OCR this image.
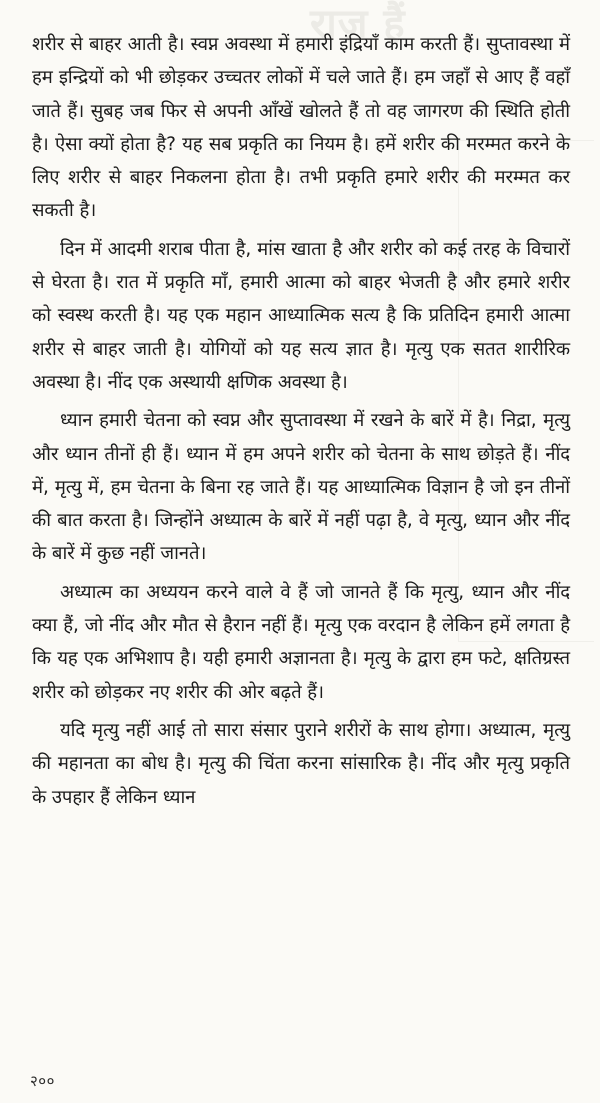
राज़ हैं

शरीर से बाहर आती है। स्वप्न अवस्था में हमारी इंद्रियाँ काम करती हैं। सुप्तावस्था में हम इन्द्रियों को भी छोड़कर उच्चतर लोकों में चले जाते हैं। हम जहाँ से आए हैं वहाँ जाते हैं। सुबह जब फिर से अपनी आँखें खोलते हैं तो वह जागरण की स्थिति होती है। ऐसा क्यों होता है? यह सब प्रकृति का नियम है। हमें शरीर की मरम्मत करने के लिए शरीर से बाहर निकलना होता है। तभी प्रकृति हमारे शरीर की मरम्मत कर सकती है।

दिन में आदमी शराब पीता है, मांस खाता है और शरीर को कई तरह के विचारों से घेरता है। रात में प्रकृति माँ, हमारी आत्मा को बाहर भेजती है और हमारे शरीर को स्वस्थ करती है। यह एक महान आध्यात्मिक सत्य है कि प्रतिदिन हमारी आत्मा शरीर से बाहर जाती है। योगियों को यह सत्य ज्ञात है। मृत्यु एक सतत शारीरिक अवस्था है। नींद एक अस्थायी क्षणिक अवस्था है।

ध्यान हमारी चेतना को स्वप्न और सुप्तावस्था में रखने के बारें में है। निद्रा, मृत्यु और ध्यान तीनों ही हैं। ध्यान में हम अपने शरीर को चेतना के साथ छोड़ते हैं। नींद में, मृत्यु में, हम चेतना के बिना रह जाते हैं। यह आध्यात्मिक विज्ञान है जो इन तीनों की बात करता है। जिन्होंने अध्यात्म के बारें में नहीं पढ़ा है, वे मृत्यु, ध्यान और नींद के बारें में कुछ नहीं जानते।

अध्यात्म का अध्ययन करने वाले वे हैं जो जानते हैं कि मृत्यु, ध्यान और नींद क्या हैं, जो नींद और मौत से हैरान नहीं हैं। मृत्यु एक वरदान है लेकिन हमें लगता है कि यह एक अभिशाप है। यही हमारी अज्ञानता है। मृत्यु के द्वारा हम फटे, क्षतिग्रस्त शरीर को छोड़कर नए शरीर की ओर बढ़ते हैं।

यदि मृत्यु नहीं आई तो सारा संसार पुराने शरीरों के साथ होगा। अध्यात्म, मृत्यु की महानता का बोध है। मृत्यु की चिंता करना सांसारिक है। नींद और मृत्यु प्रकृति के उपहार हैं लेकिन ध्यान

२००
